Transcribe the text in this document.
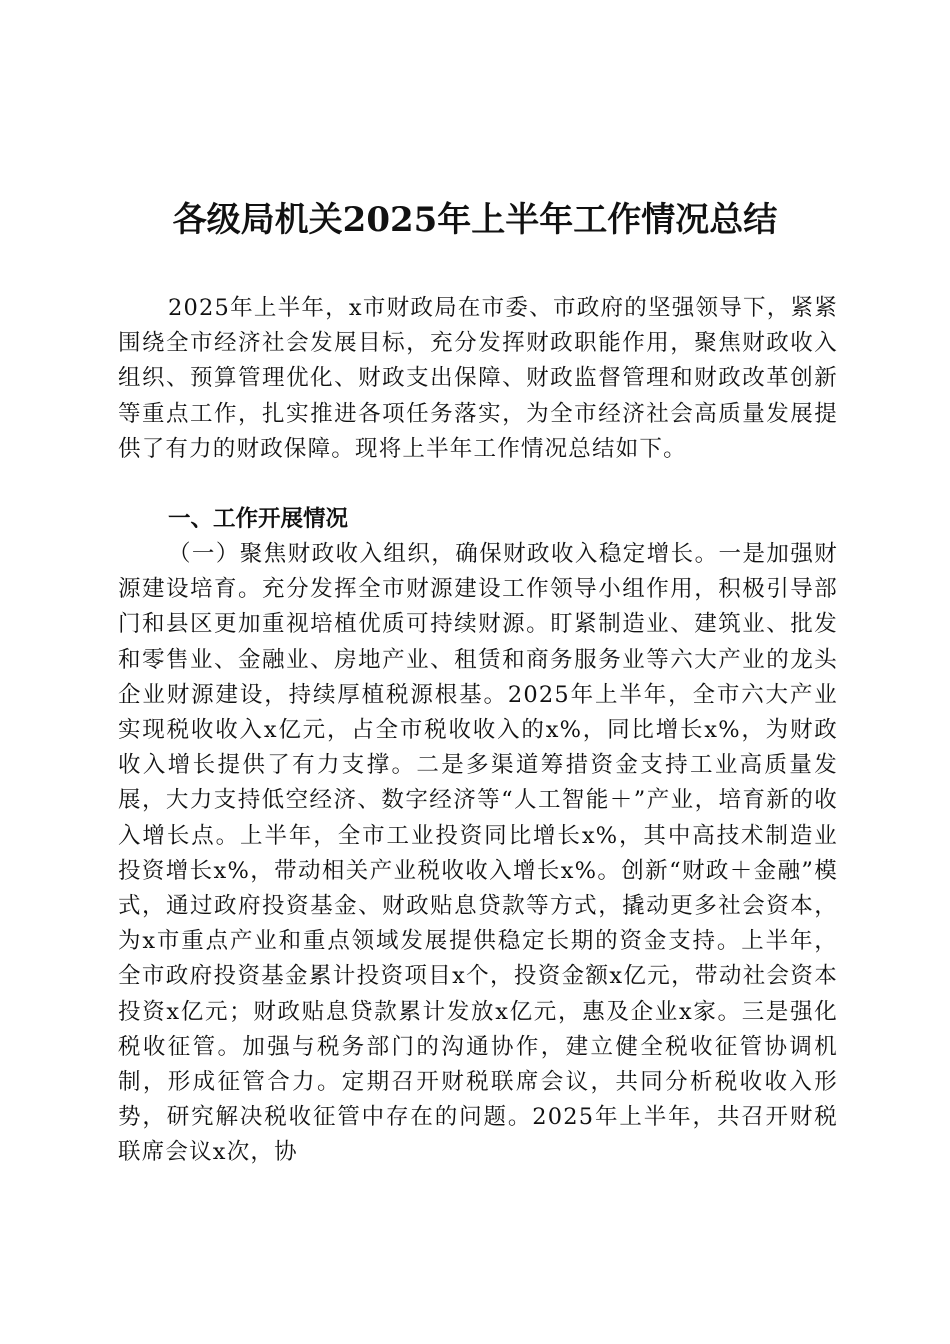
各级局机关2025年上半年工作情况总结
2025年上半年，x市财政局在市委、市政府的坚强领导下，紧紧围绕全市经济社会发展目标，充分发挥财政职能作用，聚焦财政收入组织、预算管理优化、财政支出保障、财政监督管理和财政改革创新等重点工作，扎实推进各项任务落实，为全市经济社会高质量发展提供了有力的财政保障。现将上半年工作情况总结如下。
一、工作开展情况
（一）聚焦财政收入组织，确保财政收入稳定增长。一是加强财源建设培育。充分发挥全市财源建设工作领导小组作用，积极引导部门和县区更加重视培植优质可持续财源。盯紧制造业、建筑业、批发和零售业、金融业、房地产业、租赁和商务服务业等六大产业的龙头企业财源建设，持续厚植税源根基。2025年上半年，全市六大产业实现税收收入x亿元，占全市税收收入的x%，同比增长x%，为财政收入增长提供了有力支撑。二是多渠道筹措资金支持工业高质量发展，大力支持低空经济、数字经济等“人工智能＋”产业，培育新的收入增长点。上半年，全市工业投资同比增长x%，其中高技术制造业投资增长x%，带动相关产业税收收入增长x%。创新“财政＋金融”模式，通过政府投资基金、财政贴息贷款等方式，撬动更多社会资本，为x市重点产业和重点领域发展提供稳定长期的资金支持。上半年，全市政府投资基金累计投资项目x个，投资金额x亿元，带动社会资本投资x亿元；财政贴息贷款累计发放x亿元，惠及企业x家。三是强化税收征管。加强与税务部门的沟通协作，建立健全税收征管协调机制，形成征管合力。定期召开财税联席会议，共同分析税收收入形势，研究解决税收征管中存在的问题。2025年上半年，共召开财税联席会议x次，协
